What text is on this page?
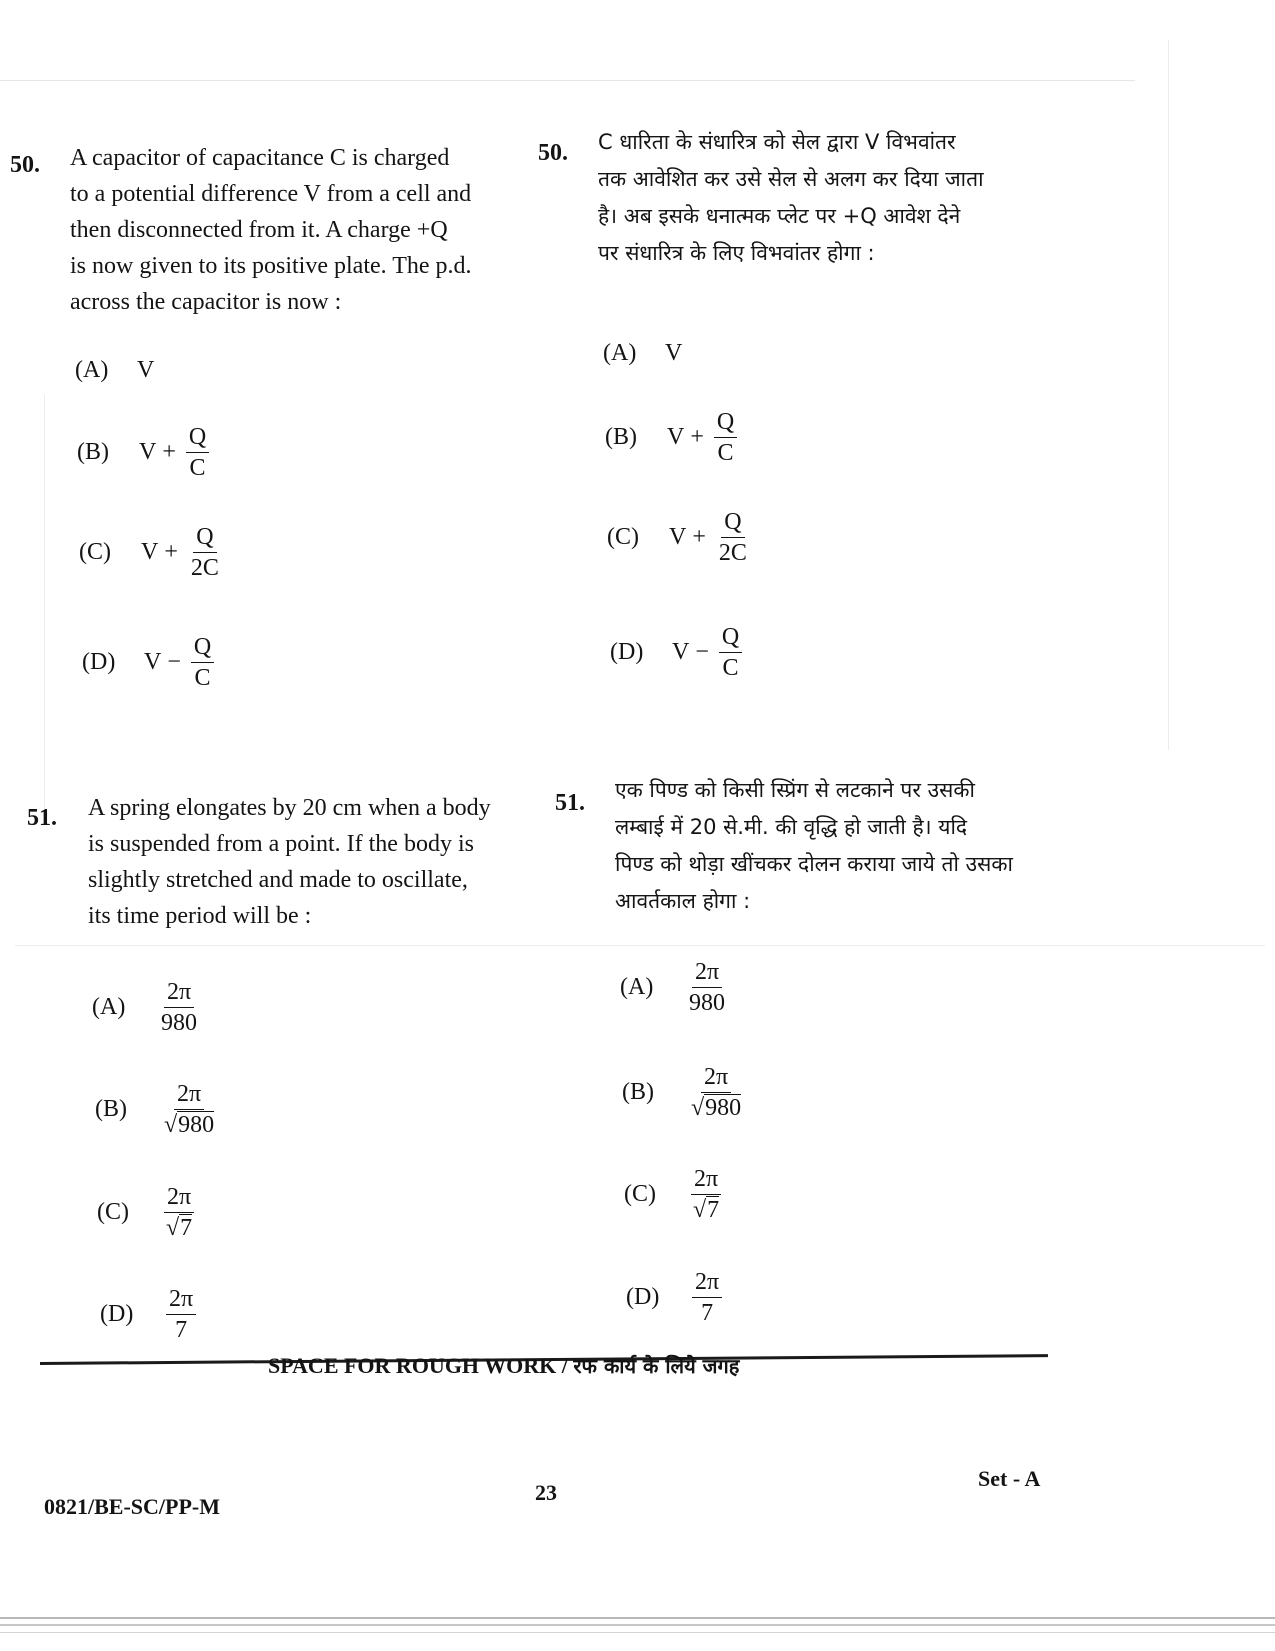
50. A capacitor of capacitance C is charged
to a potential difference V from a cell and
then disconnected from it. A charge +Q
is now given to its positive plate. The p.d.
across the capacitor is now :
(A)	V
(B)	$V + \frac{Q}{C}$
(C)	$V + \frac{Q}{2C}$
(D)	$V - \frac{Q}{C}$
50. C धारिता के संधारित्र को सेल द्वारा V विभवांतर
तक आवेशित कर उसे सेल से अलग कर दिया जाता
है। अब इसके धनात्मक प्लेट पर +Q आवेश देने
पर संधारित्र के लिए विभवांतर होगा :
(A)	V
(B)	$V + \frac{Q}{C}$
(C)	$V + \frac{Q}{2C}$
(D)	$V - \frac{Q}{C}$
51. A spring elongates by 20 cm when a body
is suspended from a point. If the body is
slightly stretched and made to oscillate,
its time period will be :
(A)	$\frac{2\pi}{980}$
(B)	$\frac{2\pi}{√980}$
(C)	$\frac{2\pi}{√7}$
(D)	$\frac{2\pi}{7}$
51. एक पिण्ड को किसी स्प्रिंग से लटकाने पर उसकी
लम्बाई में 20 से.मी. की वृद्धि हो जाती है। यदि
पिण्ड को थोड़ा खींचकर दोलन कराया जाये तो उसका
आवर्तकाल होगा :
(A)	$\frac{2\pi}{980}$
(B)	$\frac{2\pi}{√980}$
(C)	$\frac{2\pi}{√7}$
(D)	$\frac{2\pi}{7}$
SPACE FOR ROUGH WORK / रफ कार्य के लिये जगह
23
Set - A
0821/BE-SC/PP-M
